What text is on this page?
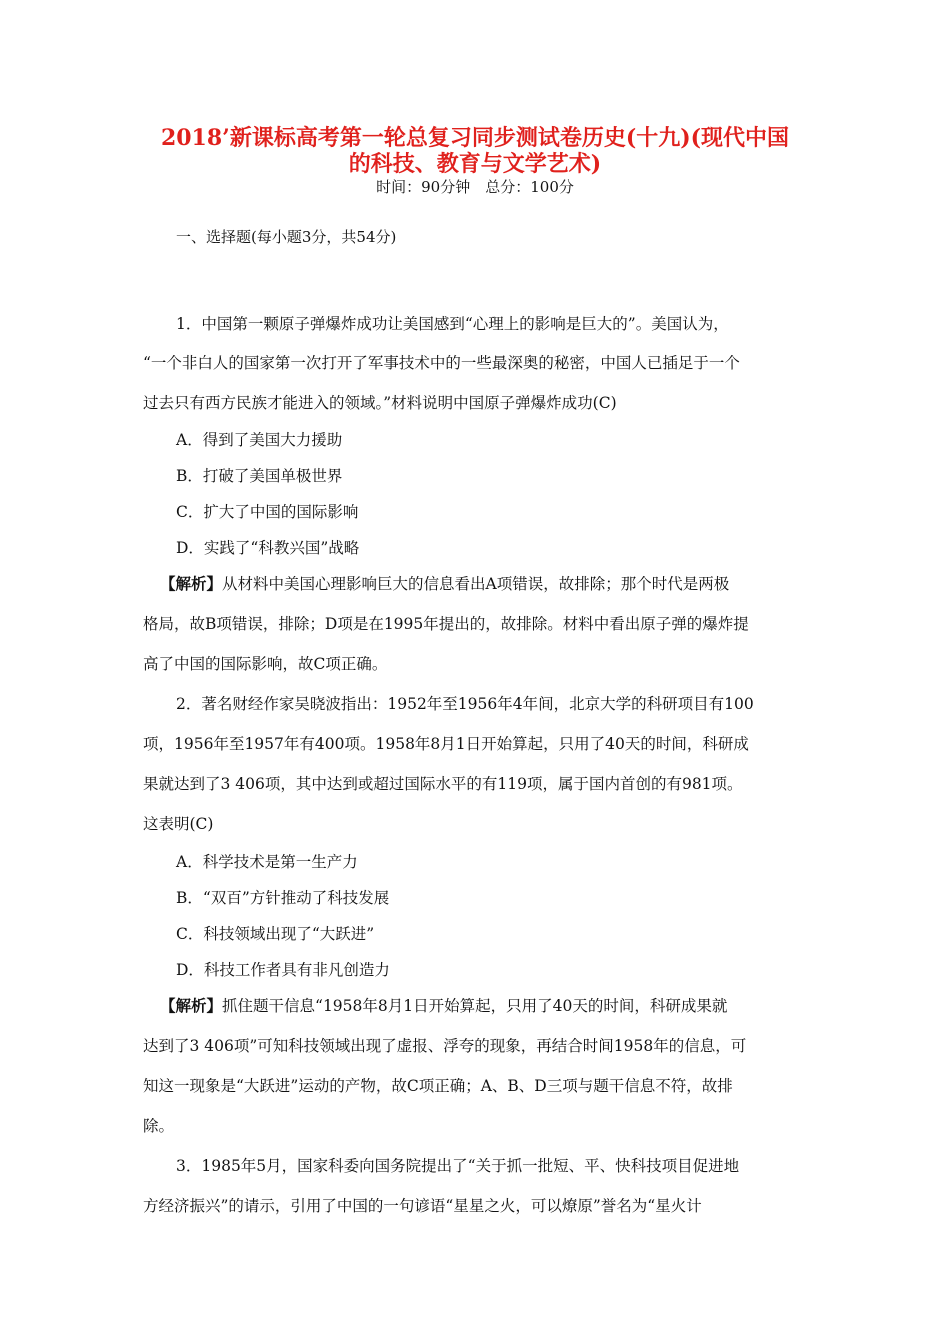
2018’新课标高考第一轮总复习同步测试卷历史(十九)(现代中国
的科技、教育与文学艺术)
时间：90分钟　总分：100分
一、选择题(每小题3分，共54分)
1．中国第一颗原子弹爆炸成功让美国感到“心理上的影响是巨大的”。美国认为，
“一个非白人的国家第一次打开了军事技术中的一些最深奥的秘密，中国人已插足于一个
过去只有西方民族才能进入的领域。”材料说明中国原子弹爆炸成功(C)
A．得到了美国大力援助
B．打破了美国单极世界
C．扩大了中国的国际影响
D．实践了“科教兴国”战略
【解析】从材料中美国心理影响巨大的信息看出A项错误，故排除；那个时代是两极
格局，故B项错误，排除；D项是在1995年提出的，故排除。材料中看出原子弹的爆炸提
高了中国的国际影响，故C项正确。
2．著名财经作家吴晓波指出：1952年至1956年4年间，北京大学的科研项目有100
项，1956年至1957年有400项。1958年8月1日开始算起，只用了40天的时间，科研成
果就达到了3 406项，其中达到或超过国际水平的有119项，属于国内首创的有981项。
这表明(C)
A．科学技术是第一生产力
B．“双百”方针推动了科技发展
C．科技领域出现了“大跃进”
D．科技工作者具有非凡创造力
【解析】抓住题干信息“1958年8月1日开始算起，只用了40天的时间，科研成果就
达到了3 406项”可知科技领域出现了虚报、浮夸的现象，再结合时间1958年的信息，可
知这一现象是“大跃进”运动的产物，故C项正确；A、B、D三项与题干信息不符，故排
除。
3．1985年5月，国家科委向国务院提出了“关于抓一批短、平、快科技项目促进地
方经济振兴”的请示，引用了中国的一句谚语“星星之火，可以燎原”誉名为“星火计
